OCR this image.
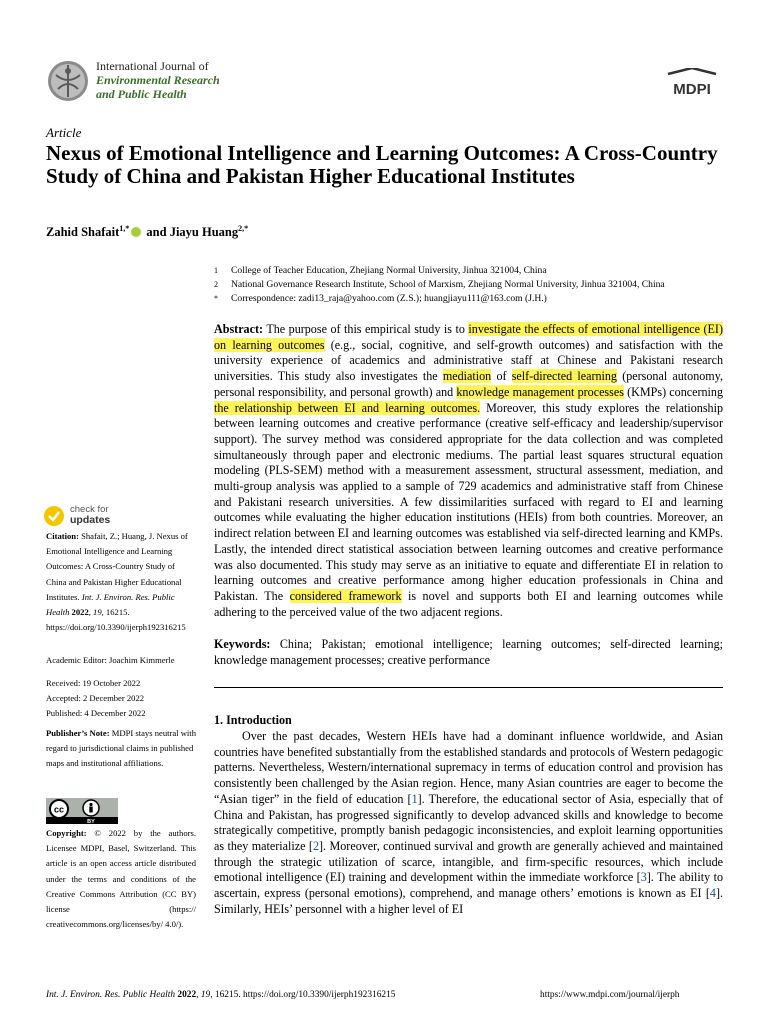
International Journal of
Environmental Research
and Public Health	MDPI
Article
Nexus of Emotional Intelligence and Learning Outcomes: A Cross-Country Study of China and Pakistan Higher Educational Institutes
Zahid Shafait$^{1,*}$ and Jiayu Huang$^{2,*}$
1	College of Teacher Education, Zhejiang Normal University, Jinhua 321004, China
2	National Governance Research Institute, School of Marxism, Zhejiang Normal University, Jinhua 321004, China
*	Correspondence: zadi13_raja@yahoo.com (Z.S.); huangjiayu111@163.com (J.H.)
Abstract: The purpose of this empirical study is to investigate the effects of emotional intelligence (EI) on learning outcomes (e.g., social, cognitive, and self-growth outcomes) and satisfaction with the university experience of academics and administrative staff at Chinese and Pakistani research universities. This study also investigates the mediation of self-directed learning (personal autonomy, personal responsibility, and personal growth) and knowledge management processes (KMPs) concerning the relationship between EI and learning outcomes. Moreover, this study explores the relationship between learning outcomes and creative performance (creative self-efficacy and leadership/supervisor support). The survey method was considered appropriate for the data collection and was completed simultaneously through paper and electronic mediums. The partial least squares structural equation modeling (PLS-SEM) method with a measurement assessment, structural assessment, mediation, and multi-group analysis was applied to a sample of 729 academics and administrative staff from Chinese and Pakistani research universities. A few dissimilarities surfaced with regard to EI and learning outcomes while evaluating the higher education institutions (HEIs) from both countries. Moreover, an indirect relation between EI and learning outcomes was established via self-directed learning and KMPs. Lastly, the intended direct statistical association between learning outcomes and creative performance was also documented. This study may serve as an initiative to equate and differentiate EI in relation to learning outcomes and creative performance among higher education professionals in China and Pakistan. The considered framework is novel and supports both EI and learning outcomes while adhering to the perceived value of the two adjacent regions.
Keywords: China; Pakistan; emotional intelligence; learning outcomes; self-directed learning; knowledge management processes; creative performance
1. Introduction
Over the past decades, Western HEIs have had a dominant influence worldwide, and Asian countries have benefited substantially from the established standards and protocols of Western pedagogic patterns. Nevertheless, Western/international supremacy in terms of education control and provision has consistently been challenged by the Asian region. Hence, many Asian countries are eager to become the “Asian tiger” in the field of education [1]. Therefore, the educational sector of Asia, especially that of China and Pakistan, has progressed significantly to develop advanced skills and knowledge to become strategically competitive, promptly banish pedagogic inconsistencies, and exploit learning opportunities as they materialize [2]. Moreover, continued survival and growth are generally achieved and maintained through the strategic utilization of scarce, intangible, and firm-specific resources, which include emotional intelligence (EI) training and development within the immediate workforce [3]. The ability to ascertain, express (personal emotions), comprehend, and manage others’ emotions is known as EI [4]. Similarly, HEIs’ personnel with a higher level of EI
check for
updates
Citation: Shafait, Z.; Huang, J. Nexus of Emotional Intelligence and Learning Outcomes: A Cross-Country Study of China and Pakistan Higher Educational Institutes. Int. J. Environ. Res. Public Health 2022, 19, 16215. https://doi.org/10.3390/ijerph192316215
Academic Editor: Joachim Kimmerle
Received: 19 October 2022
Accepted: 2 December 2022
Published: 4 December 2022
Publisher’s Note: MDPI stays neutral with regard to jurisdictional claims in published maps and institutional affiliations.
cc
BY
Copyright: © 2022 by the authors. Licensee MDPI, Basel, Switzerland. This article is an open access article distributed under the terms and conditions of the Creative Commons Attribution (CC BY) license (https:// creativecommons.org/licenses/by/ 4.0/).
Int. J. Environ. Res. Public Health 2022, 19, 16215. https://doi.org/10.3390/ijerph192316215	https://www.mdpi.com/journal/ijerph
